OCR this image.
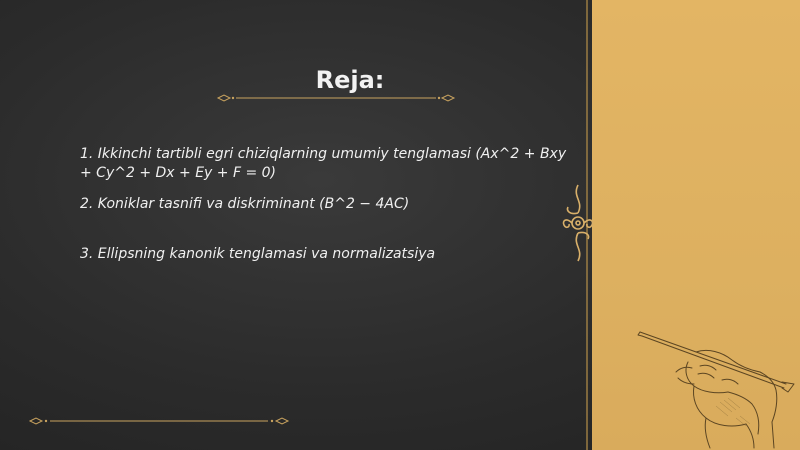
Reja:
1. Ikkinchi tartibli egri chiziqlarning umumiy tenglamasi (Ax^2 + Bxy + Cy^2 + Dx + Ey + F = 0)
2. Koniklar tasnifi va diskriminant (B^2 − 4AC)
3. Ellipsning kanonik tenglamasi va normalizatsiya
